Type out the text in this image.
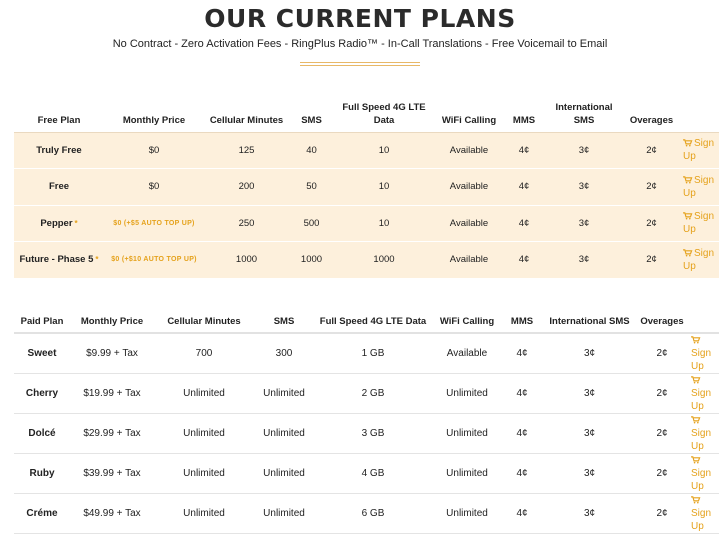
OUR CURRENT PLANS
No Contract - Zero Activation Fees - RingPlus Radio™ - In-Call Translations - Free Voicemail to Email
Free Plan	Monthly Price	Cellular Minutes	SMS	Full Speed 4G LTE Data	WiFi Calling	MMS	International SMS	Overages	
Truly Free	$0	125	40	10	Available	4¢	3¢	2¢	Sign Up
Free	$0	200	50	10	Available	4¢	3¢	2¢	Sign Up
Pepper *	$0 (+$5 AUTO TOP UP)	250	500	10	Available	4¢	3¢	2¢	Sign Up
Future - Phase 5 *	$0 (+$10 AUTO TOP UP)	1000	1000	1000	Available	4¢	3¢	2¢	Sign Up
Paid Plan	Monthly Price	Cellular Minutes	SMS	Full Speed 4G LTE Data	WiFi Calling	MMS	International SMS	Overages	
Sweet	$9.99 + Tax	700	300	1 GB	Available	4¢	3¢	2¢	Sign Up
Cherry	$19.99 + Tax	Unlimited	Unlimited	2 GB	Unlimited	4¢	3¢	2¢	Sign Up
Dolcé	$29.99 + Tax	Unlimited	Unlimited	3 GB	Unlimited	4¢	3¢	2¢	Sign Up
Ruby	$39.99 + Tax	Unlimited	Unlimited	4 GB	Unlimited	4¢	3¢	2¢	Sign Up
Créme	$49.99 + Tax	Unlimited	Unlimited	6 GB	Unlimited	4¢	3¢	2¢	Sign Up
